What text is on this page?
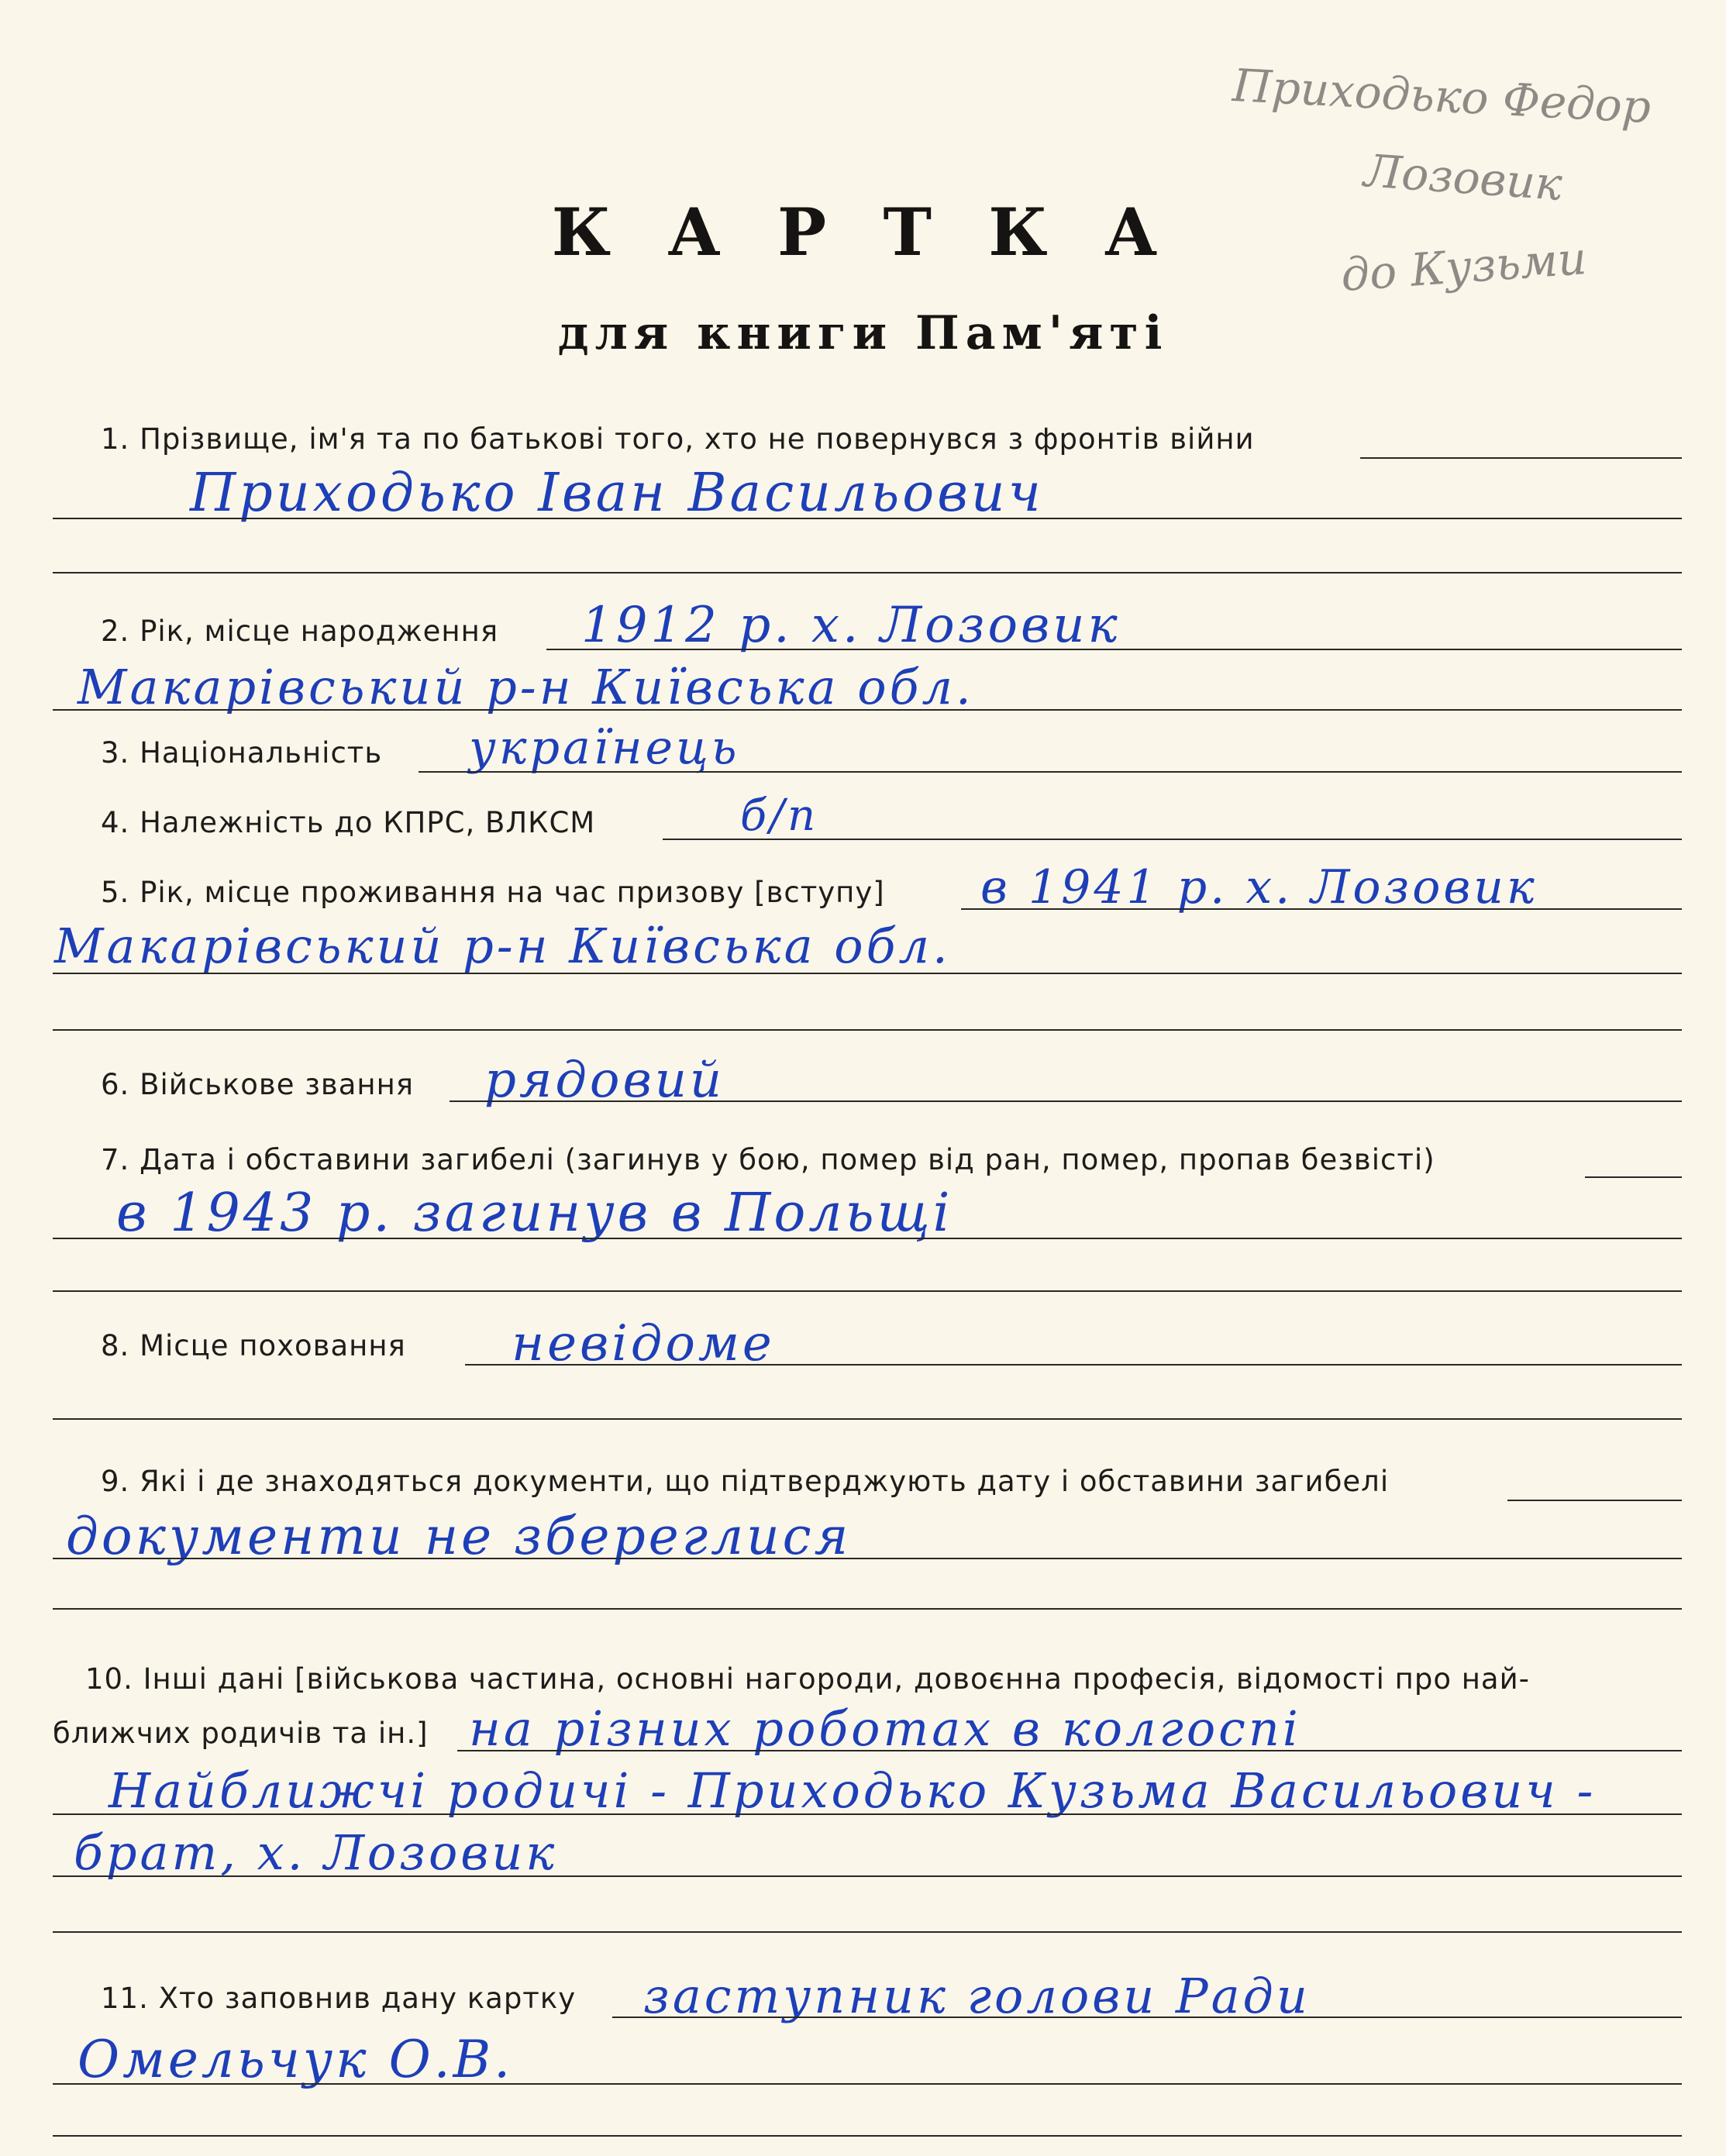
Приходько Федор
Лозовик
до Кузьми
К А Р Т К А
для книги Пам'яті
1. Прізвище, ім'я та по батькові того, хто не повернувся з фронтів війни
Приходько Іван Васильович
2. Рік, місце народження 1912 р. х. Лозовик
Макарівський р-н Київська обл.
3. Національність українець
4. Належність до КПРС, ВЛКСМ	б/п
5. Рік, місце проживання на час призову [вступу] в 1941 р. х. Лозовик
Макарівський р-н Київська обл.
6. Військове звання рядовий
7. Дата і обставини загибелі (загинув у бою, помер від ран, помер, пропав безвісті)
в 1943 р. загинув в Польщі
8. Місце поховання невідоме
9. Які і де знаходяться документи, що підтверджують дату і обставини загибелі
документи не збереглися
10. Інші дані [військова частина, основні нагороди, довоєнна професія, відомості про най-
ближчих родичів та ін.] на різних роботах в колгоспі
Найближчі родичі - Приходько Кузьма Васильович -
брат, х. Лозовик
11. Хто заповнив дану картку заступник голови Ради
Омельчук О.В.
